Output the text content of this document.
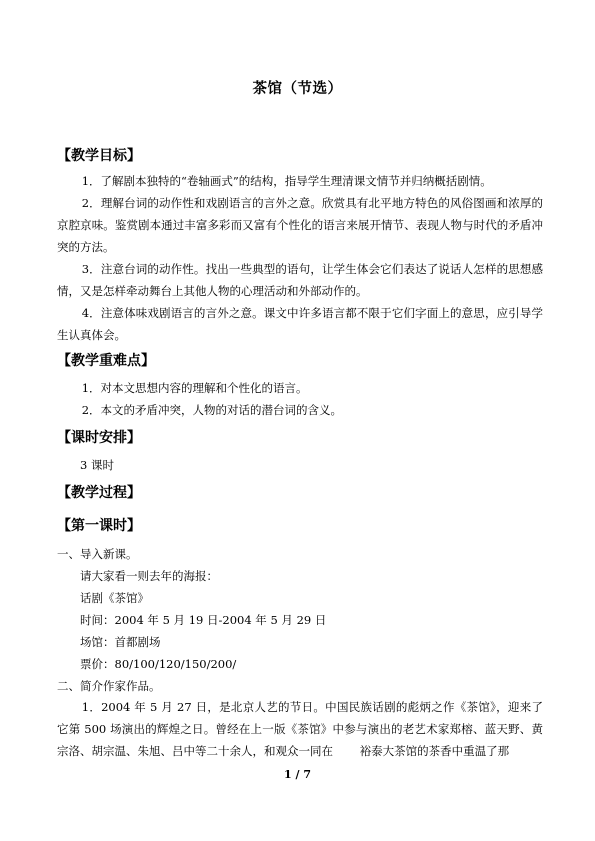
茶馆（节选）
【教学目标】

1．了解剧本独特的“卷轴画式”的结构，指导学生理清课文情节并归纳概括剧情。

2．理解台词的动作性和戏剧语言的言外之意。欣赏具有北平地方特色的风俗图画和浓厚的京腔京味。鉴赏剧本通过丰富多彩而又富有个性化的语言来展开情节、表现人物与时代的矛盾冲突的方法。

3．注意台词的动作性。找出一些典型的语句，让学生体会它们表达了说话人怎样的思想感情，又是怎样牵动舞台上其他人物的心理活动和外部动作的。

4．注意体味戏剧语言的言外之意。课文中许多语言都不限于它们字面上的意思，应引导学生认真体会。

【教学重难点】

1．对本文思想内容的理解和个性化的语言。

2．本文的矛盾冲突，人物的对话的潜台词的含义。

【课时安排】
3 课时
【教学过程】
【第一课时】
一、导入新课。
请大家看一则去年的海报：
话剧《茶馆》
时间：2004 年 5 月 19 日-2004 年 5 月 29 日
场馆：首都剧场
票价：80/100/120/150/200/
二、简介作家作品。

1．2004 年 5 月 27 日，是北京人艺的节日。中国民族话剧的彪炳之作《茶馆》，迎来了它第 500 场演出的辉煌之日。曾经在上一版《茶馆》中参与演出的老艺术家郑榕、蓝天野、黄宗洛、胡宗温、朱旭、吕中等二十余人，和观众一同在 　　裕泰大茶馆的茶香中重温了那

1 / 7
